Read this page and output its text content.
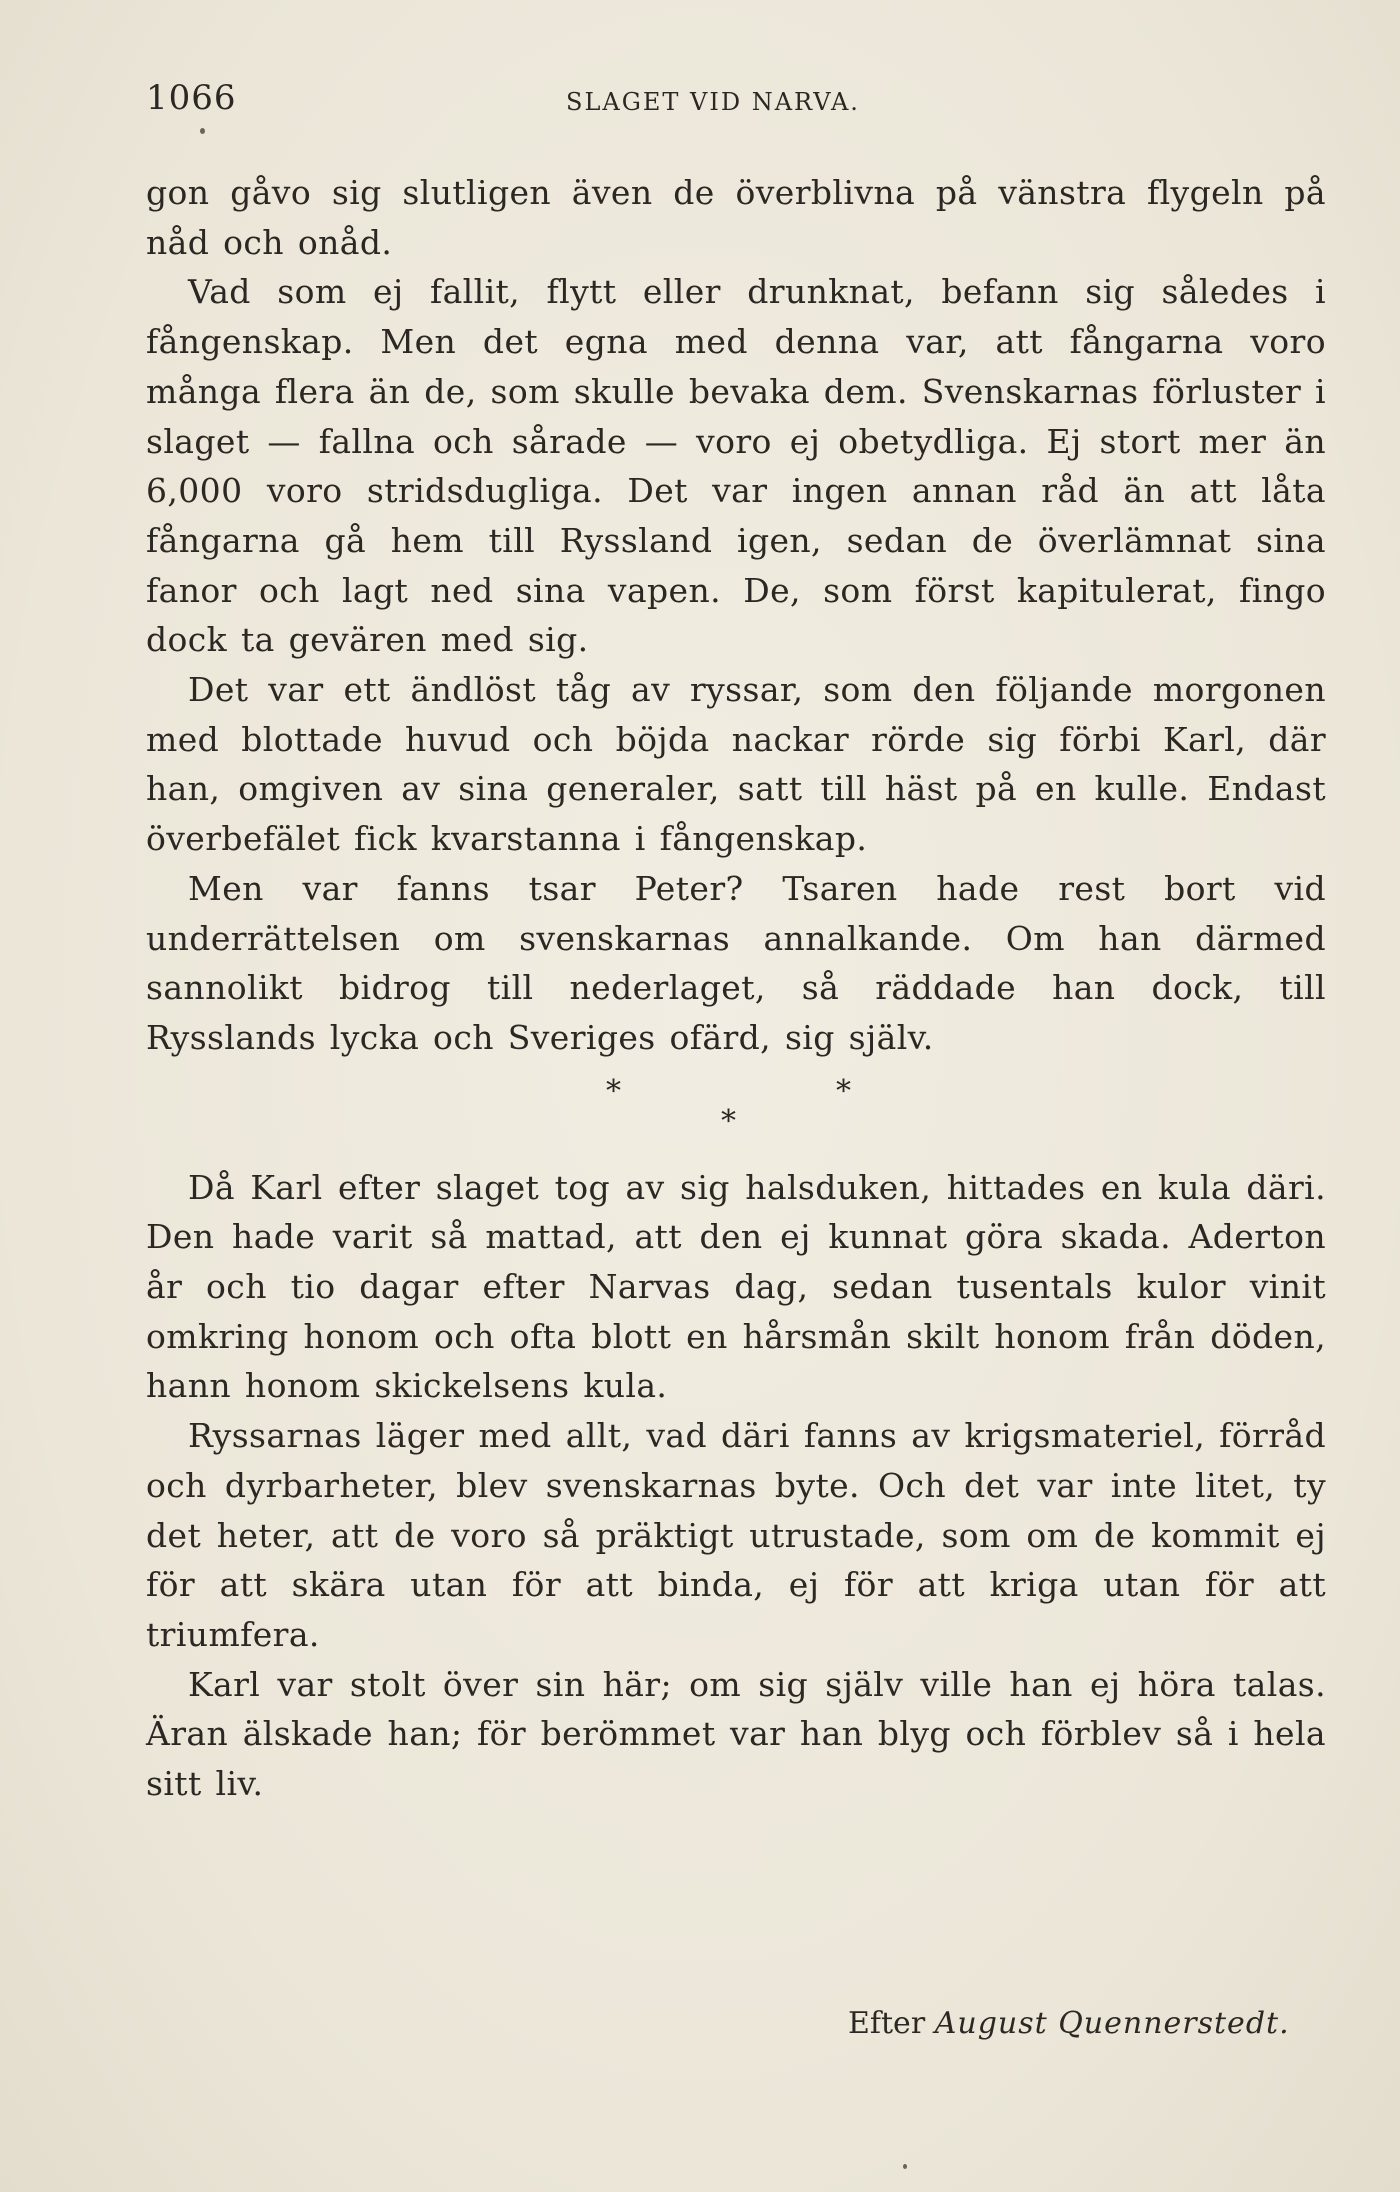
1066	SLAGET VID NARVA.

gon gåvo sig slutligen även de överblivna på vänstra flygeln på nåd och onåd.

Vad som ej fallit, flytt eller drunknat, befann sig således i fångenskap. Men det egna med denna var, att fångarna voro många flera än de, som skulle bevaka dem. Svenskarnas förluster i slaget — fallna och sårade — voro ej obetydliga. Ej stort mer än 6,000 voro stridsdugliga. Det var ingen annan råd än att låta fångarna gå hem till Ryssland igen, sedan de överlämnat sina fanor och lagt ned sina vapen. De, som först kapitulerat, fingo dock ta gevären med sig.

Det var ett ändlöst tåg av ryssar, som den följande morgonen med blottade huvud och böjda nackar rörde sig förbi Karl, där han, omgiven av sina generaler, satt till häst på en kulle. Endast överbefälet fick kvarstanna i fångenskap.

Men var fanns tsar Peter? Tsaren hade rest bort vid underrättelsen om svenskarnas annalkande. Om han därmed sannolikt bidrog till nederlaget, så räddade han dock, till Rysslands lycka och Sveriges ofärd, sig själv.

*	*
*

Då Karl efter slaget tog av sig halsduken, hittades en kula däri. Den hade varit så mattad, att den ej kunnat göra skada. Aderton år och tio dagar efter Narvas dag, sedan tusentals kulor vinit omkring honom och ofta blott en hårsmån skilt honom från döden, hann honom skickelsens kula.

Ryssarnas läger med allt, vad däri fanns av krigsmateriel, förråd och dyrbarheter, blev svenskarnas byte. Och det var inte litet, ty det heter, att de voro så präktigt utrustade, som om de kommit ej för att skära utan för att binda, ej för att kriga utan för att triumfera.

Karl var stolt över sin här; om sig själv ville han ej höra talas. Äran älskade han; för berömmet var han blyg och förblev så i hela sitt liv.

Efter August Quennerstedt.
